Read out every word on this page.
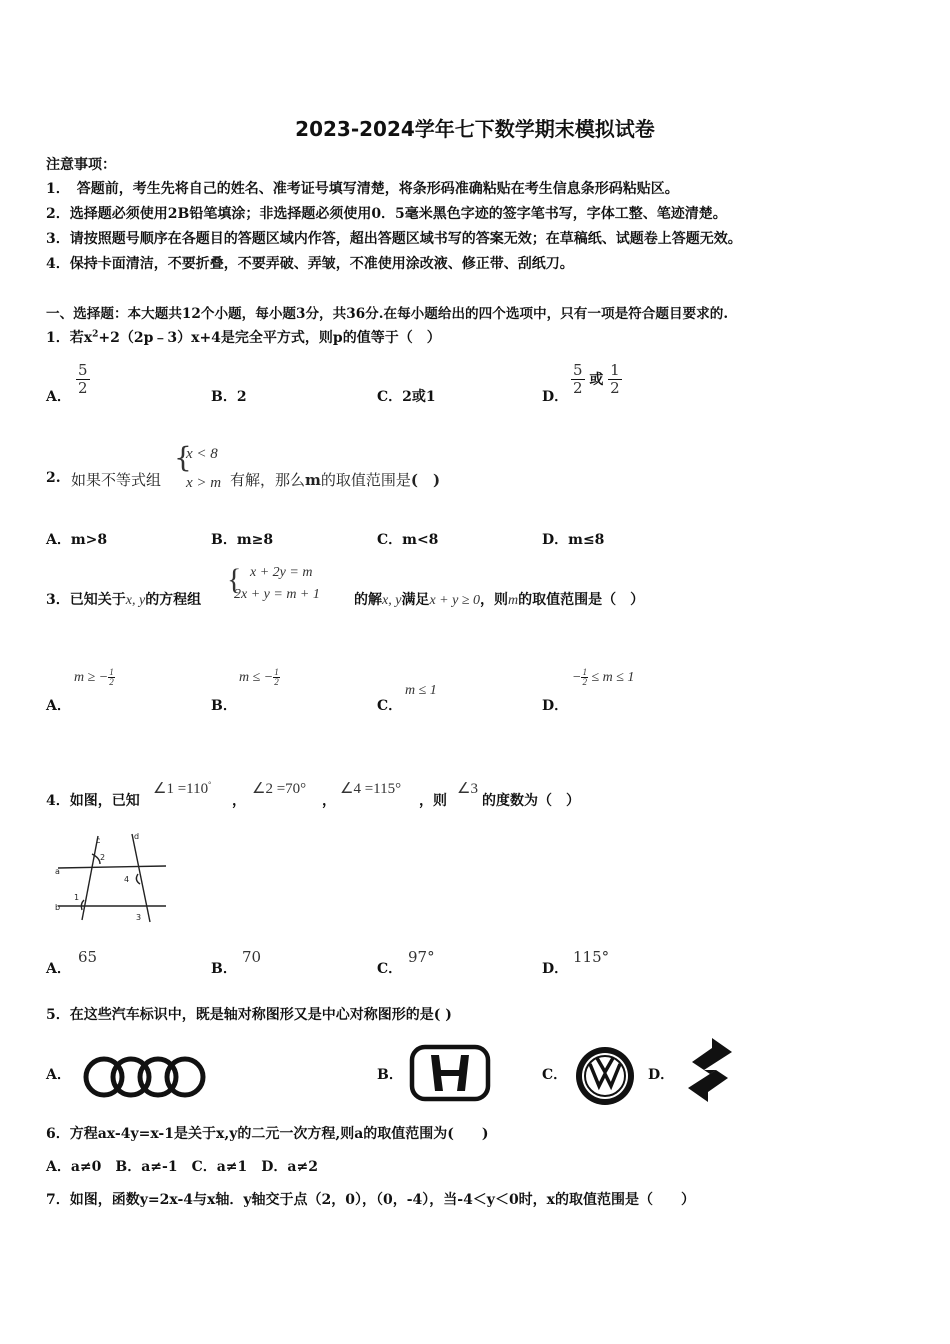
2023-2024学年七下数学期末模拟试卷
注意事项：
1．　答题前，考生先将自己的姓名、准考证号填写清楚，将条形码准确粘贴在考生信息条形码粘贴区。
2．选择题必须使用2B铅笔填涂；非选择题必须使用0．5毫米黑色字迹的签字笔书写，字体工整、笔迹清楚。
3．请按照题号顺序在各题目的答题区域内作答，超出答题区域书写的答案无效；在草稿纸、试题卷上答题无效。
4．保持卡面清洁，不要折叠，不要弄破、弄皱，不准使用涂改液、修正带、刮纸刀。
一、选择题：本大题共12个小题，每小题3分，共36分.在每小题给出的四个选项中，只有一项是符合题目要求的.
1．若$x^2+2(2p﹣3)x+4$是完全平方式，则p的值等于（　）
A．
$\frac{5}{2}$
B．2	C．2或1	D．
$\frac{5}{2}$ 或 $\frac{1}{2}$
2. 如果不等式组
{
x < 8
x > m 有解，那么m的取值范围是(　)
A．m>8	B．m≥8	C．m<8	D．m≤8
3．已知关于x, y的方程组
{ x + 2y = m
2x + y = m + 1 的解x, y满足x + y ≥ 0，则m的取值范围是（　）
A．
m ≥ − $\frac{1}{2}$
B．
m ≤ − $\frac{1}{2}$
C．
m ≤ 1
D．
− $\frac{1}{2} \le m \le 1$
4．如图，已知
∠1 =110°
，
∠2 =70°
，
∠4 =115°
，则
∠3
的度数为（　）
c	d
a
b
2
1
4
3
A．
65
B．
70
C．
97°
D．
115°
5．在这些汽车标识中，既是轴对称图形又是中心对称图形的是( )
A．	B．	C．	D．
6．方程ax-4y=x-1是关于x,y的二元一次方程,则a的取值范围为(　　)
A．a≠0　B．a≠-1　C．a≠1　D．a≠2
7．如图，函数y=2x-4与x轴．y轴交于点（2，0），（0，-4），当-4＜y＜0时，x的取值范围是（　　）
